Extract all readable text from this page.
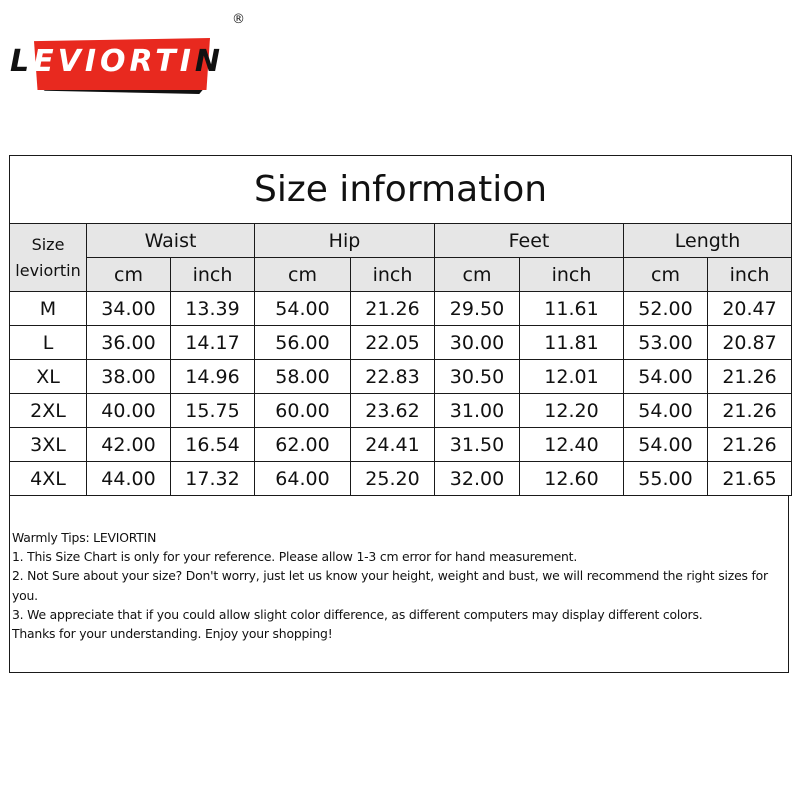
LEVIORTIN
®
Size information								

Size
leviortin	Waist		Hip		Feet		Length	
	cm	inch	cm	inch	cm	inch	cm	inch
M	34.00	13.39	54.00	21.26	29.50	11.61	52.00	20.47
L	36.00	14.17	56.00	22.05	30.00	11.81	53.00	20.87
XL	38.00	14.96	58.00	22.83	30.50	12.01	54.00	21.26
2XL	40.00	15.75	60.00	23.62	31.00	12.20	54.00	21.26
3XL	42.00	16.54	62.00	24.41	31.50	12.40	54.00	21.26
4XL	44.00	17.32	64.00	25.20	32.00	12.60	55.00	21.65
Warmly Tips: LEVIORTIN
1. This Size Chart is only for your reference. Please allow 1-3 cm error for hand measurement.
2. Not Sure about your size? Don't worry, just let us know your height, weight and bust, we will recommend the right sizes for you.
3. We appreciate that if you could allow slight color difference, as different computers may display different colors.
Thanks for your understanding. Enjoy your shopping!
